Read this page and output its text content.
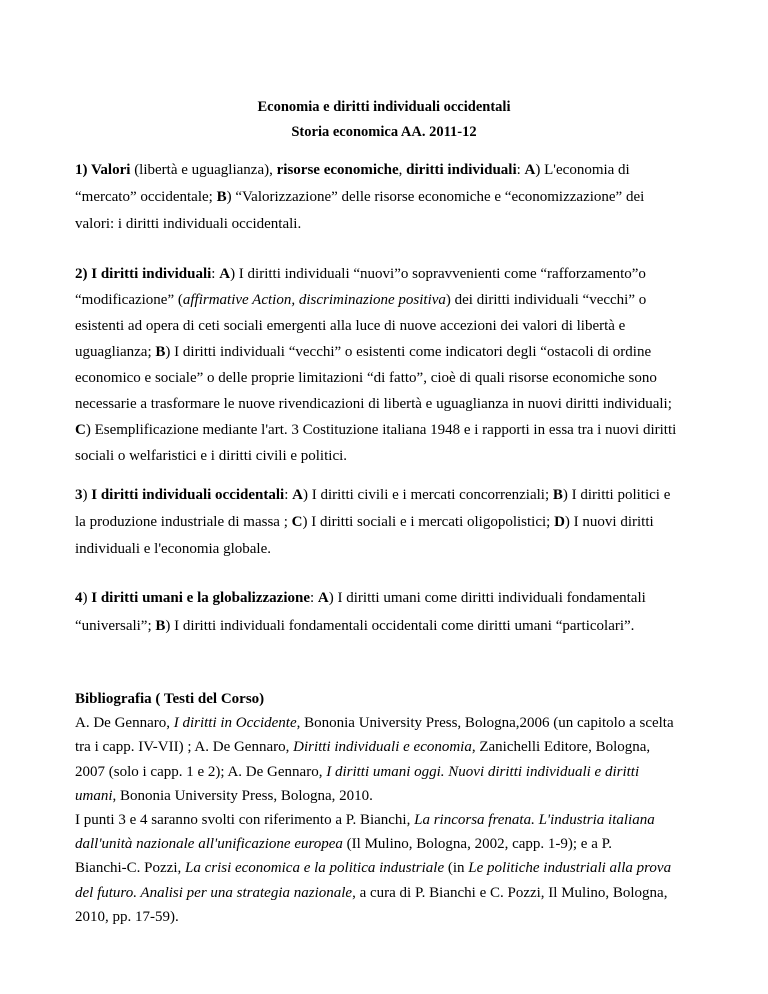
Economia e diritti individuali occidentali
Storia economica AA. 2011-12
1) Valori (libertà e uguaglianza), risorse economiche, diritti individuali: A) L'economia di
“mercato” occidentale; B) “Valorizzazione” delle risorse economiche e “economizzazione” dei
valori: i diritti individuali occidentali.
2) I diritti individuali: A) I diritti individuali “nuovi”o sopravvenienti come “rafforzamento”o
“modificazione” (affirmative Action, discriminazione positiva) dei diritti individuali “vecchi” o
esistenti ad opera di ceti sociali emergenti alla luce di nuove accezioni dei valori di libertà e
uguaglianza; B) I diritti individuali “vecchi” o esistenti come indicatori degli “ostacoli di ordine
economico e sociale” o delle proprie limitazioni “di fatto”, cioè di quali risorse economiche sono
necessarie a trasformare le nuove rivendicazioni di libertà e uguaglianza in nuovi diritti individuali;
C) Esemplificazione mediante l'art. 3 Costituzione italiana 1948 e i rapporti in essa tra i nuovi diritti
sociali o welfaristici e i diritti civili e politici.
3) I diritti individuali occidentali: A) I diritti civili e i mercati concorrenziali; B) I diritti politici e
la produzione industriale di massa ; C) I diritti sociali e i mercati oligopolistici; D) I nuovi diritti
individuali e l'economia globale.
4) I diritti umani e la globalizzazione: A) I diritti umani come diritti individuali fondamentali
“universali”; B) I diritti individuali fondamentali occidentali come diritti umani “particolari”.
Bibliografia ( Testi del Corso)
A. De Gennaro, I diritti in Occidente, Bononia University Press, Bologna,2006 (un capitolo a scelta
tra i capp. IV-VII) ; A. De Gennaro, Diritti individuali e economia, Zanichelli Editore, Bologna,
2007 (solo i capp. 1 e 2); A. De Gennaro, I diritti umani oggi. Nuovi diritti individuali e diritti
umani, Bononia University Press, Bologna, 2010.
I punti 3 e 4 saranno svolti con riferimento a P. Bianchi, La rincorsa frenata. L'industria italiana
dall'unità nazionale all'unificazione europea (Il Mulino, Bologna, 2002, capp. 1-9); e a P.
Bianchi-C. Pozzi, La crisi economica e la politica industriale (in Le politiche industriali alla prova
del futuro. Analisi per una strategia nazionale, a cura di P. Bianchi e C. Pozzi, Il Mulino, Bologna,
2010, pp. 17-59).
